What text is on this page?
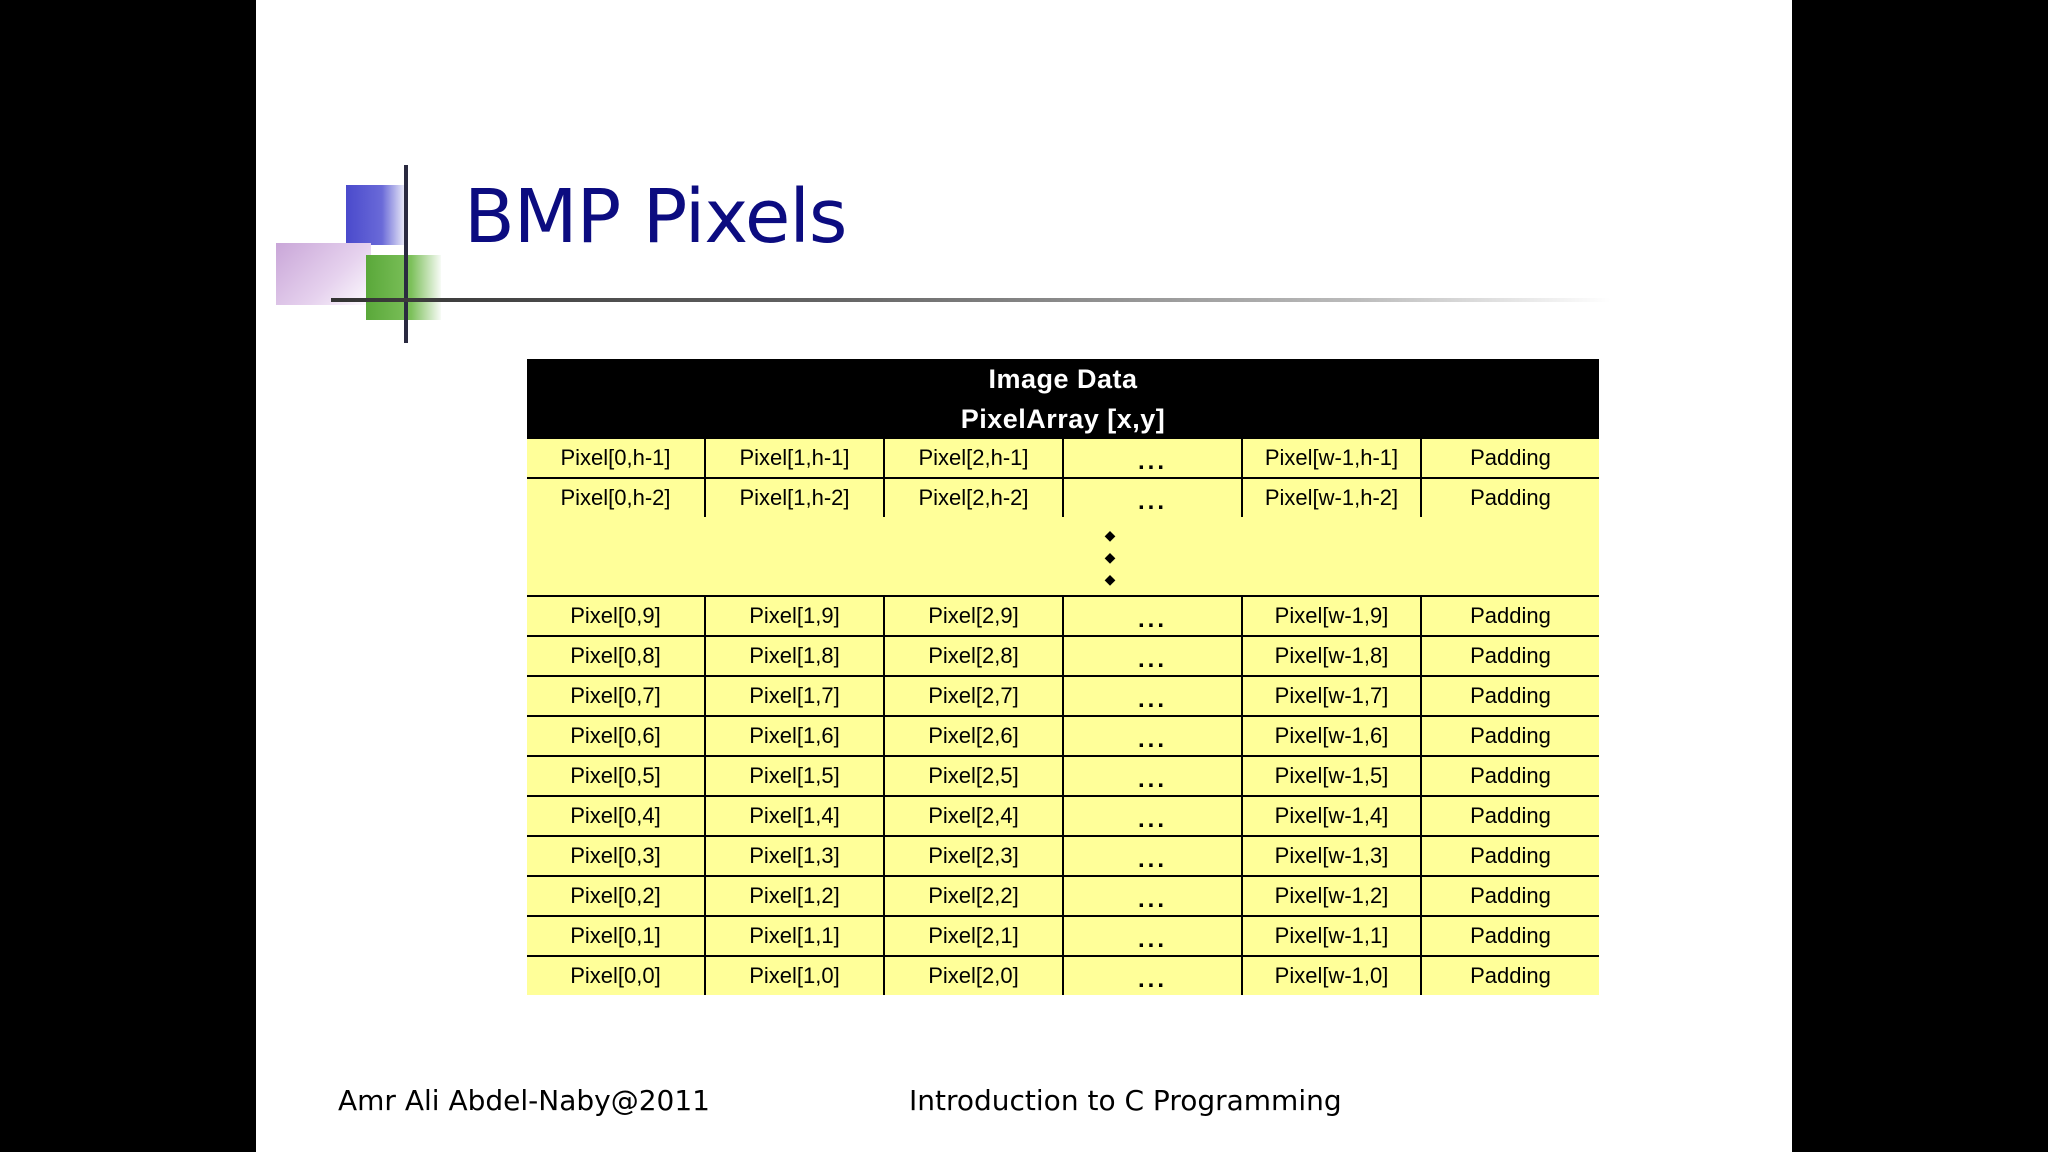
BMP Pixels
Image Data
PixelArray [x,y]
Pixel[0,h-1]	Pixel[1,h-1]	Pixel[2,h-1]	...	Pixel[w-1,h-1]	Padding
Pixel[0,h-2]	Pixel[1,h-2]	Pixel[2,h-2]	...	Pixel[w-1,h-2]	Padding
◆
◆
◆
Pixel[0,9]	Pixel[1,9]	Pixel[2,9]	...	Pixel[w-1,9]	Padding
Pixel[0,8]	Pixel[1,8]	Pixel[2,8]	...	Pixel[w-1,8]	Padding
Pixel[0,7]	Pixel[1,7]	Pixel[2,7]	...	Pixel[w-1,7]	Padding
Pixel[0,6]	Pixel[1,6]	Pixel[2,6]	...	Pixel[w-1,6]	Padding
Pixel[0,5]	Pixel[1,5]	Pixel[2,5]	...	Pixel[w-1,5]	Padding
Pixel[0,4]	Pixel[1,4]	Pixel[2,4]	...	Pixel[w-1,4]	Padding
Pixel[0,3]	Pixel[1,3]	Pixel[2,3]	...	Pixel[w-1,3]	Padding
Pixel[0,2]	Pixel[1,2]	Pixel[2,2]	...	Pixel[w-1,2]	Padding
Pixel[0,1]	Pixel[1,1]	Pixel[2,1]	...	Pixel[w-1,1]	Padding
Pixel[0,0]	Pixel[1,0]	Pixel[2,0]	...	Pixel[w-1,0]	Padding
Amr Ali Abdel-Naby@2011	Introduction to C Programming
